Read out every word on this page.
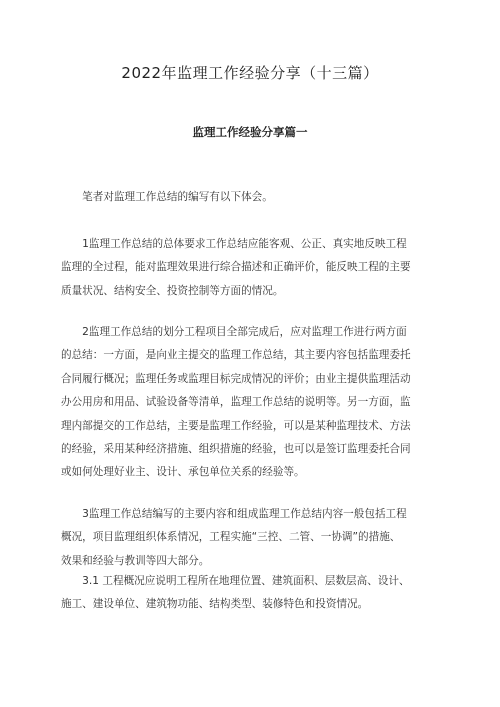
2022年监理工作经验分享（十三篇）
监理工作经验分享篇一
　　笔者对监理工作总结的编写有以下体会。
　　1监理工作总结的总体要求工作总结应能客观、公正、真实地反映工程
监理的全过程，能对监理效果进行综合描述和正确评价，能反映工程的主要
质量状况、结构安全、投资控制等方面的情况。
　　2监理工作总结的划分工程项目全部完成后，应对监理工作进行两方面
的总结：一方面，是向业主提交的监理工作总结，其主要内容包括监理委托
合同履行概况；监理任务或监理目标完成情况的评价；由业主提供监理活动
办公用房和用品、试验设备等清单，监理工作总结的说明等。另一方面，监
理内部提交的工作总结，主要是监理工作经验，可以是某种监理技术、方法
的经验，采用某种经济措施、组织措施的经验，也可以是签订监理委托合同
或如何处理好业主、设计、承包单位关系的经验等。
　　3监理工作总结编写的主要内容和组成监理工作总结内容一般包括工程
概况，项目监理组织体系情况，工程实施“三控、二管、一协调”的措施、
效果和经验与教训等四大部分。
　　3.1 工程概况应说明工程所在地理位置、建筑面积、层数层高、设计、
施工、建设单位、建筑物功能、结构类型、装修特色和投资情况。
